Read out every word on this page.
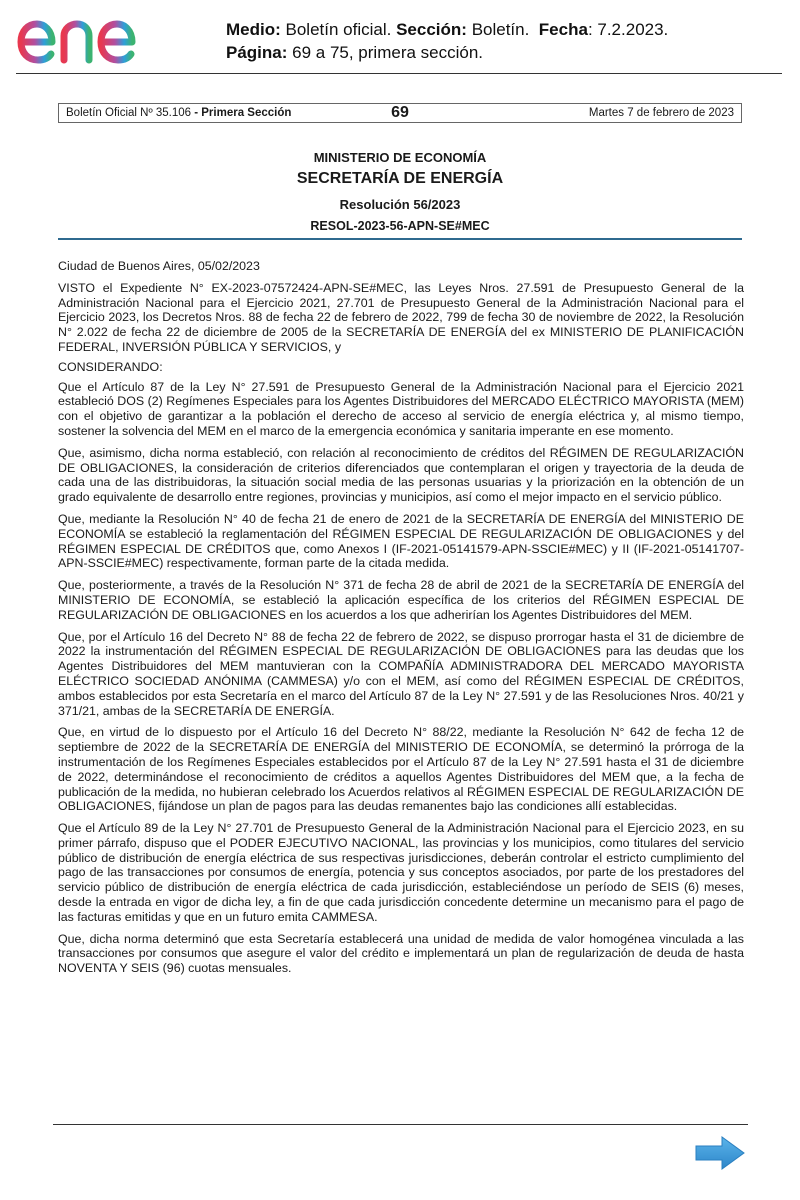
Medio: Boletín oficial. Sección: Boletín. Fecha: 7.2.2023.
Página: 69 a 75, primera sección.
Boletín Oficial Nº 35.106 - Primera Sección	69	Martes 7 de febrero de 2023
MINISTERIO DE ECONOMÍA
SECRETARÍA DE ENERGÍA
Resolución 56/2023
RESOL-2023-56-APN-SE#MEC

Ciudad de Buenos Aires, 05/02/2023

VISTO el Expediente N° EX-2023-07572424-APN-SE#MEC, las Leyes Nros. 27.591 de Presupuesto General de la Administración Nacional para el Ejercicio 2021, 27.701 de Presupuesto General de la Administración Nacional para el Ejercicio 2023, los Decretos Nros. 88 de fecha 22 de febrero de 2022, 799 de fecha 30 de noviembre de 2022, la Resolución N° 2.022 de fecha 22 de diciembre de 2005 de la SECRETARÍA DE ENERGÍA del ex MINISTERIO DE PLANIFICACIÓN FEDERAL, INVERSIÓN PÚBLICA Y SERVICIOS, y

CONSIDERANDO:

Que el Artículo 87 de la Ley N° 27.591 de Presupuesto General de la Administración Nacional para el Ejercicio 2021 estableció DOS (2) Regímenes Especiales para los Agentes Distribuidores del MERCADO ELÉCTRICO MAYORISTA (MEM) con el objetivo de garantizar a la población el derecho de acceso al servicio de energía eléctrica y, al mismo tiempo, sostener la solvencia del MEM en el marco de la emergencia económica y sanitaria imperante en ese momento.

Que, asimismo, dicha norma estableció, con relación al reconocimiento de créditos del RÉGIMEN DE REGULARIZACIÓN DE OBLIGACIONES, la consideración de criterios diferenciados que contemplaran el origen y trayectoria de la deuda de cada una de las distribuidoras, la situación social media de las personas usuarias y la priorización en la obtención de un grado equivalente de desarrollo entre regiones, provincias y municipios, así como el mejor impacto en el servicio público.

Que, mediante la Resolución N° 40 de fecha 21 de enero de 2021 de la SECRETARÍA DE ENERGÍA del MINISTERIO DE ECONOMÍA se estableció la reglamentación del RÉGIMEN ESPECIAL DE REGULARIZACIÓN DE OBLIGACIONES y del RÉGIMEN ESPECIAL DE CRÉDITOS que, como Anexos I (IF-2021-05141579-APN-SSCIE#MEC) y II (IF-2021-05141707-APN-SSCIE#MEC) respectivamente, forman parte de la citada medida.

Que, posteriormente, a través de la Resolución N° 371 de fecha 28 de abril de 2021 de la SECRETARÍA DE ENERGÍA del MINISTERIO DE ECONOMÍA, se estableció la aplicación específica de los criterios del RÉGIMEN ESPECIAL DE REGULARIZACIÓN DE OBLIGACIONES en los acuerdos a los que adherirían los Agentes Distribuidores del MEM.

Que, por el Artículo 16 del Decreto N° 88 de fecha 22 de febrero de 2022, se dispuso prorrogar hasta el 31 de diciembre de 2022 la instrumentación del RÉGIMEN ESPECIAL DE REGULARIZACIÓN DE OBLIGACIONES para las deudas que los Agentes Distribuidores del MEM mantuvieran con la COMPAÑÍA ADMINISTRADORA DEL MERCADO MAYORISTA ELÉCTRICO SOCIEDAD ANÓNIMA (CAMMESA) y/o con el MEM, así como del RÉGIMEN ESPECIAL DE CRÉDITOS, ambos establecidos por esta Secretaría en el marco del Artículo 87 de la Ley N° 27.591 y de las Resoluciones Nros. 40/21 y 371/21, ambas de la SECRETARÍA DE ENERGÍA.

Que, en virtud de lo dispuesto por el Artículo 16 del Decreto N° 88/22, mediante la Resolución N° 642 de fecha 12 de septiembre de 2022 de la SECRETARÍA DE ENERGÍA del MINISTERIO DE ECONOMÍA, se determinó la prórroga de la instrumentación de los Regímenes Especiales establecidos por el Artículo 87 de la Ley N° 27.591 hasta el 31 de diciembre de 2022, determinándose el reconocimiento de créditos a aquellos Agentes Distribuidores del MEM que, a la fecha de publicación de la medida, no hubieran celebrado los Acuerdos relativos al RÉGIMEN ESPECIAL DE REGULARIZACIÓN DE OBLIGACIONES, fijándose un plan de pagos para las deudas remanentes bajo las condiciones allí establecidas.

Que el Artículo 89 de la Ley N° 27.701 de Presupuesto General de la Administración Nacional para el Ejercicio 2023, en su primer párrafo, dispuso que el PODER EJECUTIVO NACIONAL, las provincias y los municipios, como titulares del servicio público de distribución de energía eléctrica de sus respectivas jurisdicciones, deberán controlar el estricto cumplimiento del pago de las transacciones por consumos de energía, potencia y sus conceptos asociados, por parte de los prestadores del servicio público de distribución de energía eléctrica de cada jurisdicción, estableciéndose un período de SEIS (6) meses, desde la entrada en vigor de dicha ley, a fin de que cada jurisdicción concedente determine un mecanismo para el pago de las facturas emitidas y que en un futuro emita CAMMESA.

Que, dicha norma determinó que esta Secretaría establecerá una unidad de medida de valor homogénea vinculada a las transacciones por consumos que asegure el valor del crédito e implementará un plan de regularización de deuda de hasta NOVENTA Y SEIS (96) cuotas mensuales.
